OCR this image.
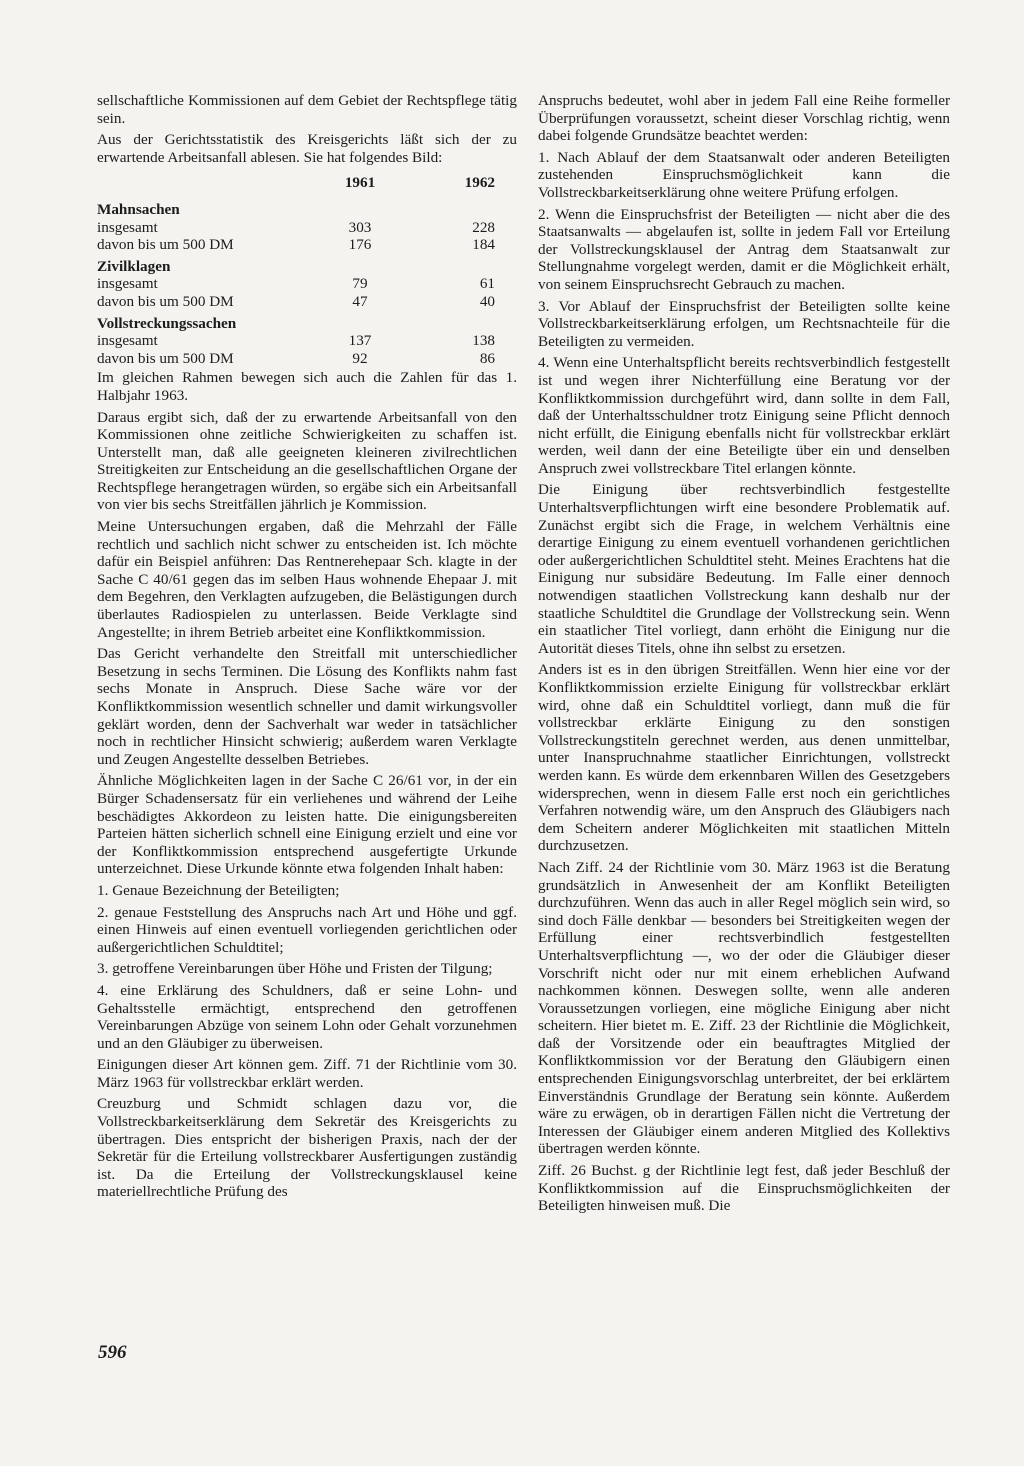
sellschaftliche Kommissionen auf dem Gebiet der Rechtspflege tätig sein.

Aus der Gerichtsstatistik des Kreisgerichts läßt sich der zu erwartende Arbeitsanfall ablesen. Sie hat folgendes Bild:

	1961	1962
Mahnsachen		
insgesamt	303	228
davon bis um 500 DM	176	184
Zivilklagen		
insgesamt	79	61
davon bis um 500 DM	47	40
Vollstreckungssachen		
insgesamt	137	138
davon bis um 500 DM	92	86

Im gleichen Rahmen bewegen sich auch die Zahlen für das 1. Halbjahr 1963.

Daraus ergibt sich, daß der zu erwartende Arbeitsanfall von den Kommissionen ohne zeitliche Schwierigkeiten zu schaffen ist. Unterstellt man, daß alle geeigneten kleineren zivilrechtlichen Streitigkeiten zur Entscheidung an die gesellschaftlichen Organe der Rechtspflege herangetragen würden, so ergäbe sich ein Arbeitsanfall von vier bis sechs Streitfällen jährlich je Kommission.

Meine Untersuchungen ergaben, daß die Mehrzahl der Fälle rechtlich und sachlich nicht schwer zu entscheiden ist. Ich möchte dafür ein Beispiel anführen: Das Rentnerehepaar Sch. klagte in der Sache C 40/61 gegen das im selben Haus wohnende Ehepaar J. mit dem Begehren, den Verklagten aufzugeben, die Belästigungen durch überlautes Radiospielen zu unterlassen. Beide Verklagte sind Angestellte; in ihrem Betrieb arbeitet eine Konfliktkommission.

Das Gericht verhandelte den Streitfall mit unterschiedlicher Besetzung in sechs Terminen. Die Lösung des Konflikts nahm fast sechs Monate in Anspruch. Diese Sache wäre vor der Konfliktkommission wesentlich schneller und damit wirkungsvoller geklärt worden, denn der Sachverhalt war weder in tatsächlicher noch in rechtlicher Hinsicht schwierig; außerdem waren Verklagte und Zeugen Angestellte desselben Betriebes.

Ähnliche Möglichkeiten lagen in der Sache C 26/61 vor, in der ein Bürger Schadensersatz für ein verliehenes und während der Leihe beschädigtes Akkordeon zu leisten hatte. Die einigungsbereiten Parteien hätten sicherlich schnell eine Einigung erzielt und eine vor der Konfliktkommission entsprechend ausgefertigte Urkunde unterzeichnet. Diese Urkunde könnte etwa folgenden Inhalt haben:

1. Genaue Bezeichnung der Beteiligten;

2. genaue Feststellung des Anspruchs nach Art und Höhe und ggf. einen Hinweis auf einen eventuell vorliegenden gerichtlichen oder außergerichtlichen Schuldtitel;

3. getroffene Vereinbarungen über Höhe und Fristen der Tilgung;

4. eine Erklärung des Schuldners, daß er seine Lohn- und Gehaltsstelle ermächtigt, entsprechend den getroffenen Vereinbarungen Abzüge von seinem Lohn oder Gehalt vorzunehmen und an den Gläubiger zu überweisen.

Einigungen dieser Art können gem. Ziff. 71 der Richtlinie vom 30. März 1963 für vollstreckbar erklärt werden.

Creuzburg und Schmidt schlagen dazu vor, die Vollstreckbarkeitserklärung dem Sekretär des Kreisgerichts zu übertragen. Dies entspricht der bisherigen Praxis, nach der der Sekretär für die Erteilung vollstreckbarer Ausfertigungen zuständig ist. Da die Erteilung der Vollstreckungsklausel keine materiellrechtliche Prüfung des

Anspruchs bedeutet, wohl aber in jedem Fall eine Reihe formeller Überprüfungen voraussetzt, scheint dieser Vorschlag richtig, wenn dabei folgende Grundsätze beachtet werden:

1. Nach Ablauf der dem Staatsanwalt oder anderen Beteiligten zustehenden Einspruchsmöglichkeit kann die Vollstreckbarkeitserklärung ohne weitere Prüfung erfolgen.

2. Wenn die Einspruchsfrist der Beteiligten — nicht aber die des Staatsanwalts — abgelaufen ist, sollte in jedem Fall vor Erteilung der Vollstreckungsklausel der Antrag dem Staatsanwalt zur Stellungnahme vorgelegt werden, damit er die Möglichkeit erhält, von seinem Einspruchsrecht Gebrauch zu machen.

3. Vor Ablauf der Einspruchsfrist der Beteiligten sollte keine Vollstreckbarkeitserklärung erfolgen, um Rechtsnachteile für die Beteiligten zu vermeiden.

4. Wenn eine Unterhaltspflicht bereits rechtsverbindlich festgestellt ist und wegen ihrer Nichterfüllung eine Beratung vor der Konfliktkommission durchgeführt wird, dann sollte in dem Fall, daß der Unterhaltsschuldner trotz Einigung seine Pflicht dennoch nicht erfüllt, die Einigung ebenfalls nicht für vollstreckbar erklärt werden, weil dann der eine Beteiligte über ein und denselben Anspruch zwei vollstreckbare Titel erlangen könnte.

Die Einigung über rechtsverbindlich festgestellte Unterhaltsverpflichtungen wirft eine besondere Problematik auf. Zunächst ergibt sich die Frage, in welchem Verhältnis eine derartige Einigung zu einem eventuell vorhandenen gerichtlichen oder außergerichtlichen Schuldtitel steht. Meines Erachtens hat die Einigung nur subsidäre Bedeutung. Im Falle einer dennoch notwendigen staatlichen Vollstreckung kann deshalb nur der staatliche Schuldtitel die Grundlage der Vollstreckung sein. Wenn ein staatlicher Titel vorliegt, dann erhöht die Einigung nur die Autorität dieses Titels, ohne ihn selbst zu ersetzen.

Anders ist es in den übrigen Streitfällen. Wenn hier eine vor der Konfliktkommission erzielte Einigung für vollstreckbar erklärt wird, ohne daß ein Schuldtitel vorliegt, dann muß die für vollstreckbar erklärte Einigung zu den sonstigen Vollstreckungstiteln gerechnet werden, aus denen unmittelbar, unter Inanspruchnahme staatlicher Einrichtungen, vollstreckt werden kann. Es würde dem erkennbaren Willen des Gesetzgebers widersprechen, wenn in diesem Falle erst noch ein gerichtliches Verfahren notwendig wäre, um den Anspruch des Gläubigers nach dem Scheitern anderer Möglichkeiten mit staatlichen Mitteln durchzusetzen.

Nach Ziff. 24 der Richtlinie vom 30. März 1963 ist die Beratung grundsätzlich in Anwesenheit der am Konflikt Beteiligten durchzuführen. Wenn das auch in aller Regel möglich sein wird, so sind doch Fälle denkbar — besonders bei Streitigkeiten wegen der Erfüllung einer rechtsverbindlich festgestellten Unterhaltsverpflichtung —, wo der oder die Gläubiger dieser Vorschrift nicht oder nur mit einem erheblichen Aufwand nachkommen können. Deswegen sollte, wenn alle anderen Voraussetzungen vorliegen, eine mögliche Einigung aber nicht scheitern. Hier bietet m. E. Ziff. 23 der Richtlinie die Möglichkeit, daß der Vorsitzende oder ein beauftragtes Mitglied der Konfliktkommission vor der Beratung den Gläubigern einen entsprechenden Einigungsvorschlag unterbreitet, der bei erklärtem Einverständnis Grundlage der Beratung sein könnte. Außerdem wäre zu erwägen, ob in derartigen Fällen nicht die Vertretung der Interessen der Gläubiger einem anderen Mitglied des Kollektivs übertragen werden könnte.

Ziff. 26 Buchst. g der Richtlinie legt fest, daß jeder Beschluß der Konfliktkommission auf die Einspruchsmöglichkeiten der Beteiligten hinweisen muß. Die

596
